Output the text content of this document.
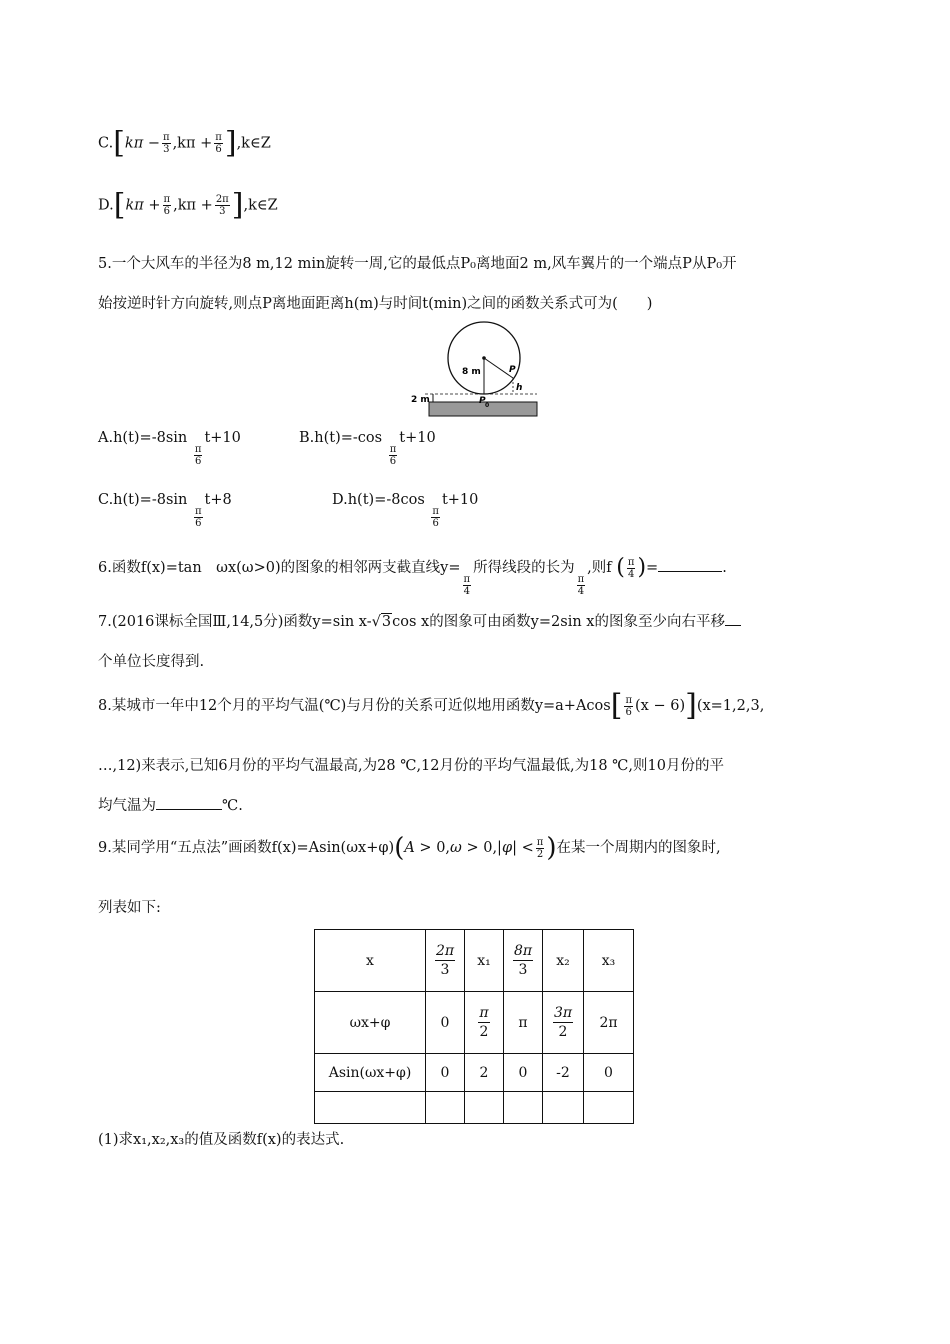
$C.[k\pi - \frac{\pi}{3} ,k\pi + \frac{\pi}{6}$ ],k∈Z
$D.[k\pi + \frac{\pi}{6} ,k\pi + \frac{2\pi}{3}$ ],k∈Z
5.一个大风车的半径为8 m,12 min旋转一周,它的最低点P₀离地面2 m,风车翼片的一个端点P从P₀开
始按逆时针方向旋转,则点P离地面距离h(m)与时间t(min)之间的函数关系式可为(　　)
8 m
2 m
P
P 0
h
A.h(t)=-8sin
$\frac{\pi}{6}$
t+10	B.h(t)=-cos
$\frac{\pi}{6}$
t+10
C.h(t)=-8sin
$\frac{\pi}{6}$
t+8	D.h(t)=-8cos
$\frac{\pi}{6}$
t+10
6.函数f(x)=tan　ωx(ω>0)的图象的相邻两支截直线y=
$\frac{\pi}{4}$
所得线段的长为
$\frac{\pi}{4}$
,则f ( $\frac{\pi}{4}$ )=	.
7.(2016课标全国Ⅲ,14,5分)函数y=sin x-√3cos x的图象可由函数y=2sin x的图象至少向右平移
个单位长度得到.
8.某城市一年中12个月的平均气温(℃)与月份的关系可近似地用函数$y=a+Acos[ \frac{\pi}{6} (x - 6)](x=1,2,3$,
…,12)来表示,已知6月份的平均气温最高,为28 ℃,12月份的平均气温最低,为18 ℃,则10月份的平
均气温为	℃.
9.某同学用“五点法”画函数$f(x)=Asin(\omega x+\varphi)(A > 0,\omega > 0,|\varphi| < \frac{\pi}{2}$ )在某一个周期内的图象时,
列表如下:
x	$\frac{2\pi}{3}$	x₁	$\frac{8\pi}{3}$	x₂	x₃
ωx+φ	0	$\frac{\pi}{2}$	π	$\frac{3\pi}{2}$	2π
Asin(ωx+φ)	0	2	0	-2	0

(1)求x₁,x₂,x₃的值及函数f(x)的表达式.
